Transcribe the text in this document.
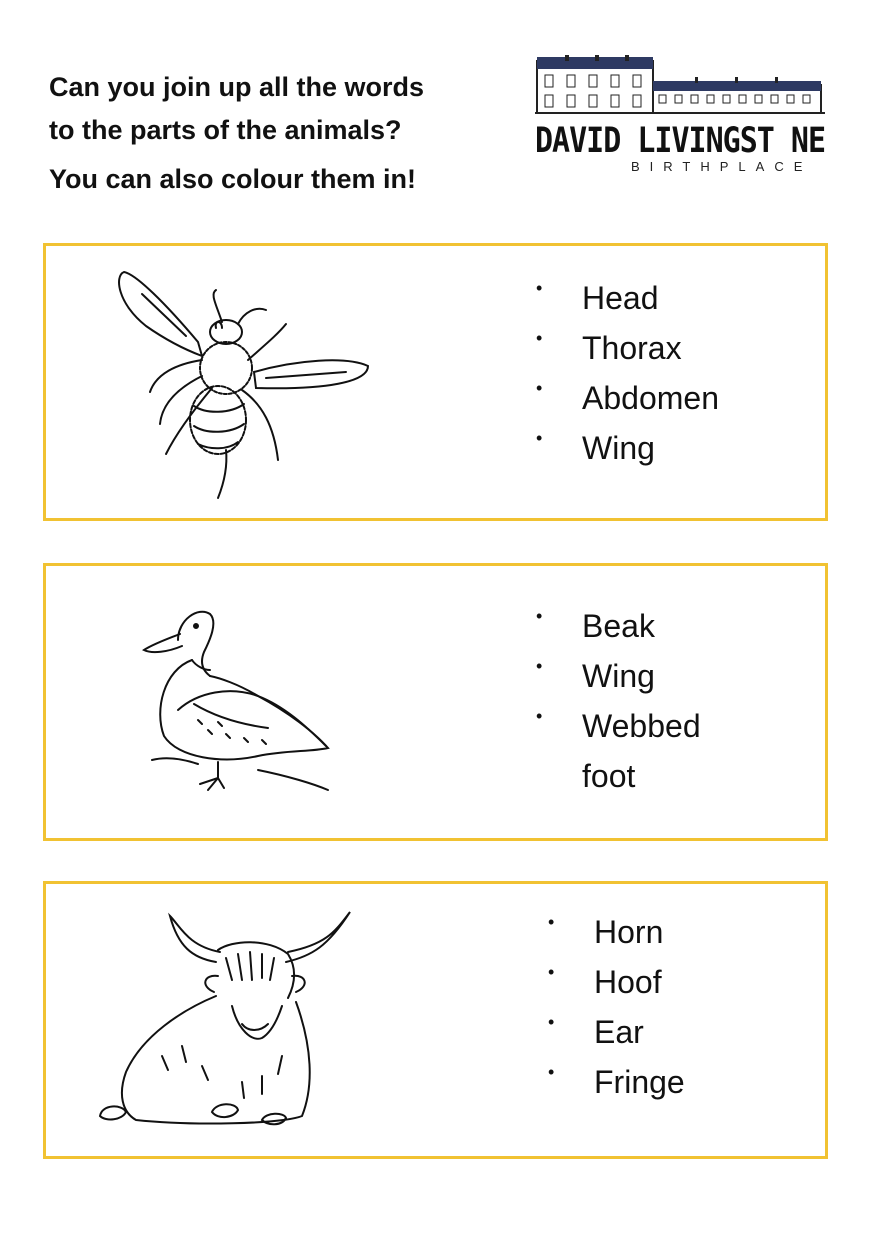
Can you join up all the words
to the parts of the animals?
You can also colour them in!
DAVID LIVINGST NE
BIRTHPLACE
• Head
• Thorax
• Abdomen
• Wing
• Beak
• Wing
• Webbed foot
• Horn
• Hoof
• Ear
• Fringe
